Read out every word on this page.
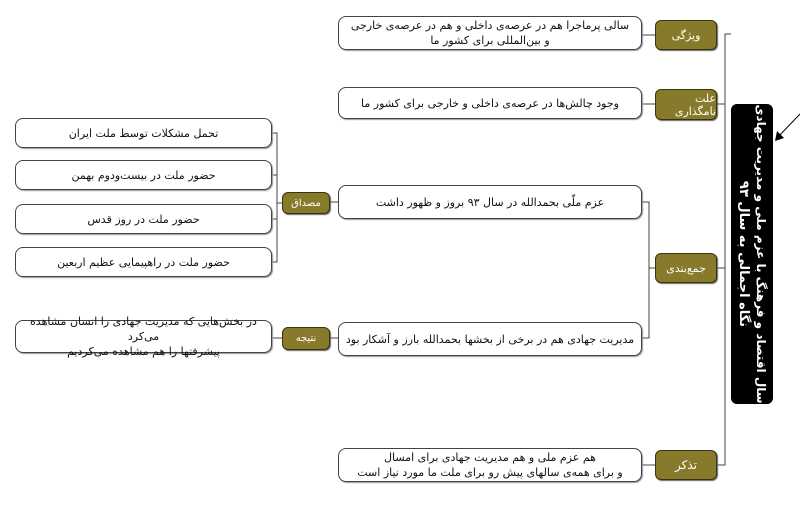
سال اقتصاد و فرهنگ با عزم ملی و مدیریت جهادی
نگاه اجمالی به سال ۹۳
ویژگی
علت نامگذاری
جمع‌بندی
تذکر
سالی پرماجرا هم در عرصه‌ی داخلی و هم در عرصه‌ی خارجی و بین‌المللی برای کشور ما
وجود چالش‌ها در عرصه‌ی داخلی و خارجی برای کشور ما
عزم ملّی بحمدالله در سال ۹۳ بروز و ظهور داشت
مدیریت جهادی هم در برخی از بخشها بحمدالله بارز و آشکار بود
هم عزم ملی و هم مدیریت جهادی برای امسال
و برای همه‌ی سالهای پیش رو برای ملت ما مورد نیاز است
مصداق
نتیجه
تحمل مشکلات توسط ملت ایران
حضور ملت در بیست‌ودوم بهمن
حضور ملت در روز قدس
حضور ملت در راهپیمایی عظیم اربعین
در بخش‌هایی که مدیریت جهادی را انسان مشاهده می‌کرد
پیشرفتها را هم مشاهده می‌کردیم
